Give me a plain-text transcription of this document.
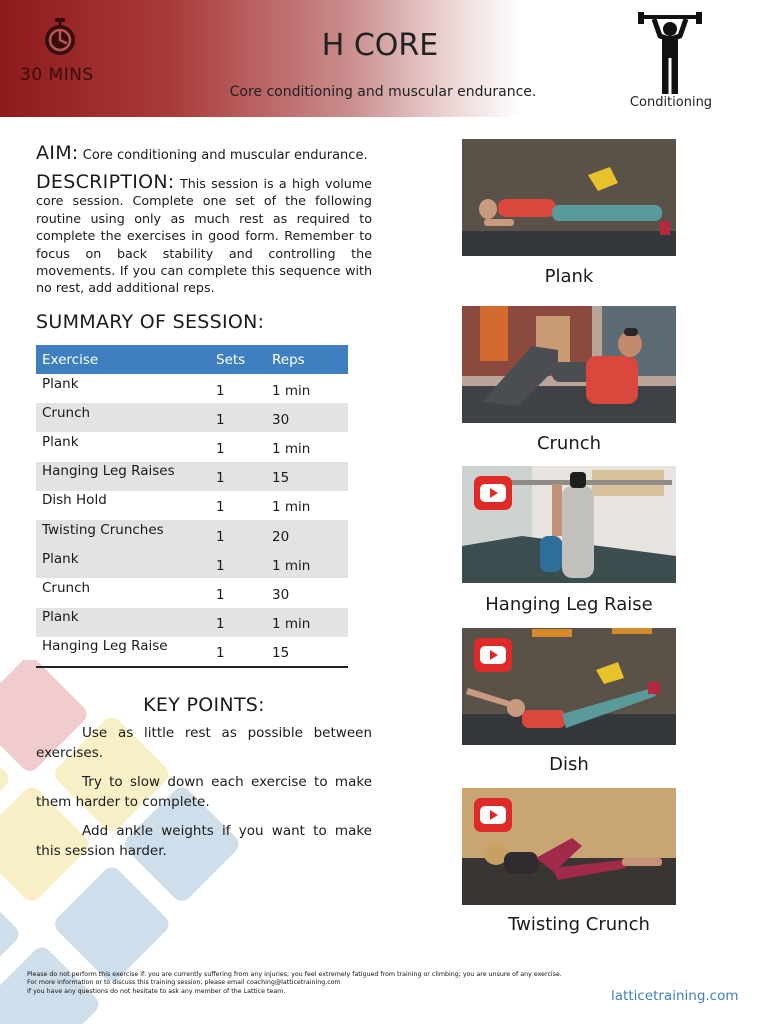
30 MINS
H CORE
Core conditioning and muscular endurance.
Conditioning
AIM: Core conditioning and muscular endurance.
DESCRIPTION: This session is a high volume core session. Complete one set of the following routine using only as much rest as required to complete the exercises in good form. Remember to focus on back stability and controlling the movements. If you can complete this sequence with no rest, add additional reps.
SUMMARY OF SESSION:
Exercise	Sets	Reps
Plank	1	1 min
Crunch	1	30
Plank	1	1 min
Hanging Leg Raises	1	15
Dish Hold	1	1 min
Twisting Crunches	1	20
Plank	1	1 min
Crunch	1	30
Plank	1	1 min
Hanging Leg Raise	1	15
KEY POINTS:
Use as little rest as possible between exercises.
Try to slow down each exercise to make them harder to complete.
Add ankle weights if you want to make this session harder.
Plank
Crunch
Hanging Leg Raise
Dish
Twisting Crunch
Please do not perform this exercise if: you are currently suffering from any injuries; you feel extremely fatigued from training or climbing; you are unsure of any exercise.
For more information or to discuss this training session, please email coaching@latticetraining.com
If you have any questions do not hesitate to ask any member of the Lattice team.	latticetraining.com
